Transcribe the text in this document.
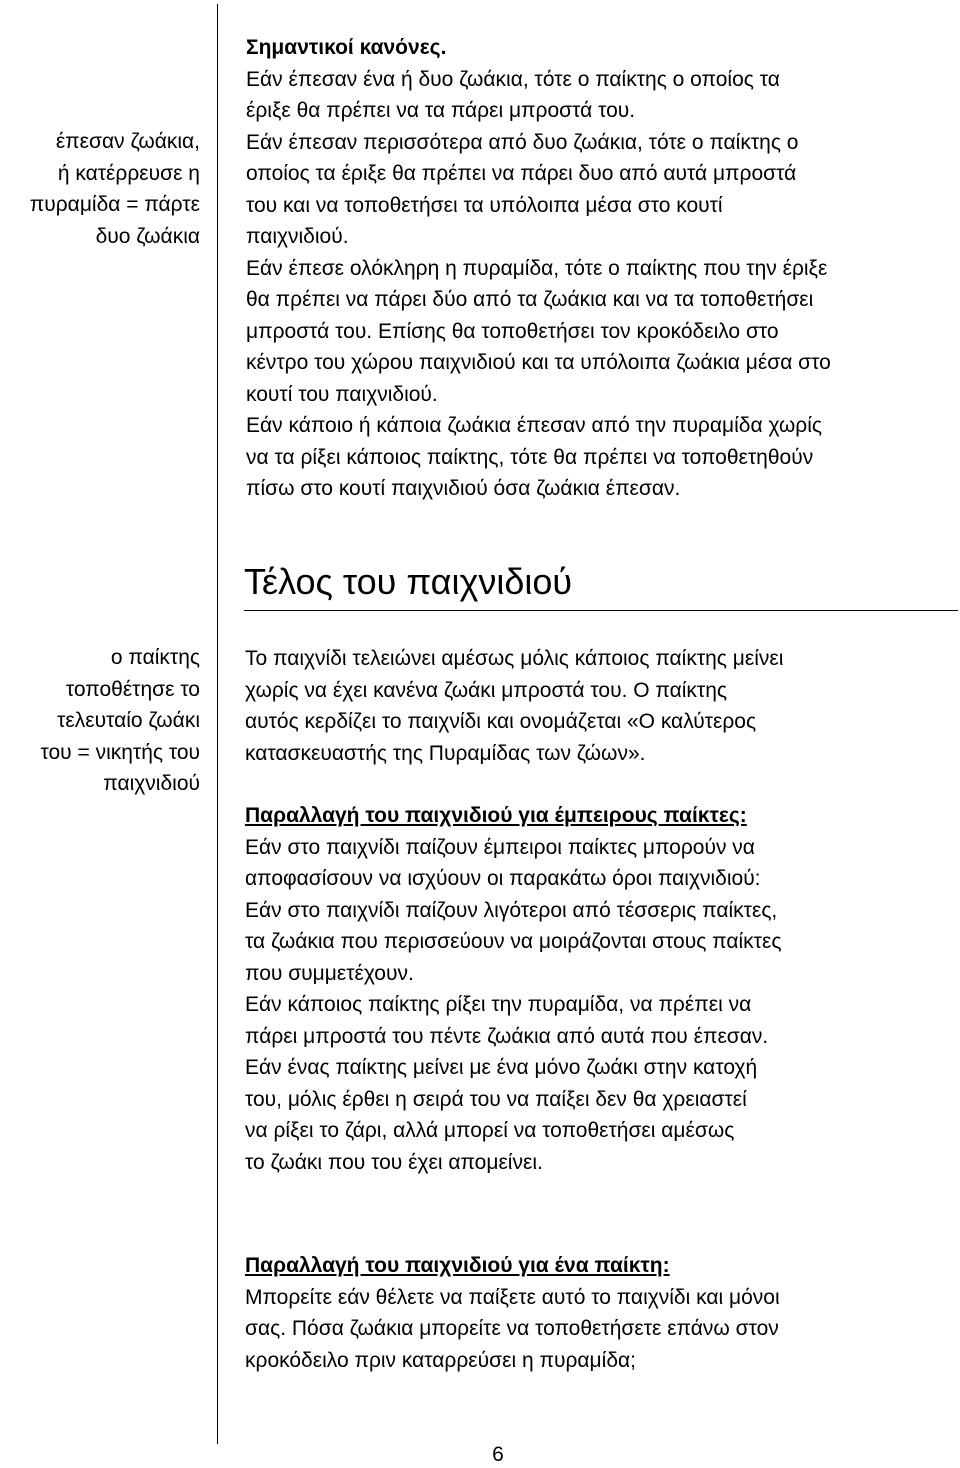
έπεσαν ζωάκια,

ή κατέρρευσε η

πυραμίδα = πάρτε

δυο ζωάκια

ο παίκτης

τοποθέτησε το

τελευταίο ζωάκι

του = νικητής του

παιχνιδιού

Σημαντικοί κανόνες.

Εάν έπεσαν ένα ή δυο ζωάκια, τότε ο παίκτης ο οποίος τα

έριξε θα πρέπει να τα πάρει μπροστά του.

Εάν έπεσαν περισσότερα από δυο ζωάκια, τότε ο παίκτης ο

οποίος τα έριξε θα πρέπει να πάρει δυο από αυτά μπροστά

του και να τοποθετήσει τα υπόλοιπα μέσα στο κουτί

παιχνιδιού.

Εάν έπεσε ολόκληρη η πυραμίδα, τότε ο παίκτης που την έριξε

θα πρέπει να πάρει δύο από τα ζωάκια και να τα τοποθετήσει

μπροστά του. Επίσης θα τοποθετήσει τον κροκόδειλο στο

κέντρο του χώρου παιχνιδιού και τα υπόλοιπα ζωάκια μέσα στο

κουτί του παιχνιδιού.

Εάν κάποιο ή κάποια ζωάκια έπεσαν από την πυραμίδα χωρίς

να τα ρίξει κάποιος παίκτης, τότε θα πρέπει να τοποθετηθούν

πίσω στο κουτί παιχνιδιού όσα ζωάκια έπεσαν.

Τέλος του παιχνιδιού

Το παιχνίδι τελειώνει αμέσως μόλις κάποιος παίκτης μείνει

χωρίς να έχει κανένα ζωάκι μπροστά του. Ο παίκτης

αυτός κερδίζει το παιχνίδι και ονομάζεται «Ο καλύτερος

κατασκευαστής της Πυραμίδας των ζώων».

Παραλλαγή του παιχνιδιού για έμπειρους παίκτες:

Εάν στο παιχνίδι παίζουν έμπειροι παίκτες μπορούν να

αποφασίσουν να ισχύουν οι παρακάτω όροι παιχνιδιού:

Εάν στο παιχνίδι παίζουν λιγότεροι από τέσσερις παίκτες,

τα ζωάκια που περισσεύουν να μοιράζονται στους παίκτες

που συμμετέχουν.

Εάν κάποιος παίκτης ρίξει την πυραμίδα, να πρέπει να

πάρει μπροστά του πέντε ζωάκια από αυτά που έπεσαν.

Εάν ένας παίκτης μείνει με ένα μόνο ζωάκι στην κατοχή

του, μόλις έρθει η σειρά του να παίξει δεν θα χρειαστεί

να ρίξει το ζάρι, αλλά μπορεί να τοποθετήσει αμέσως

το ζωάκι που του έχει απομείνει.

Παραλλαγή του παιχνιδιού για ένα παίκτη:

Μπορείτε εάν θέλετε να παίξετε αυτό το παιχνίδι και μόνοι

σας. Πόσα ζωάκια μπορείτε να τοποθετήσετε επάνω στον

κροκόδειλο πριν καταρρεύσει η πυραμίδα;

6
